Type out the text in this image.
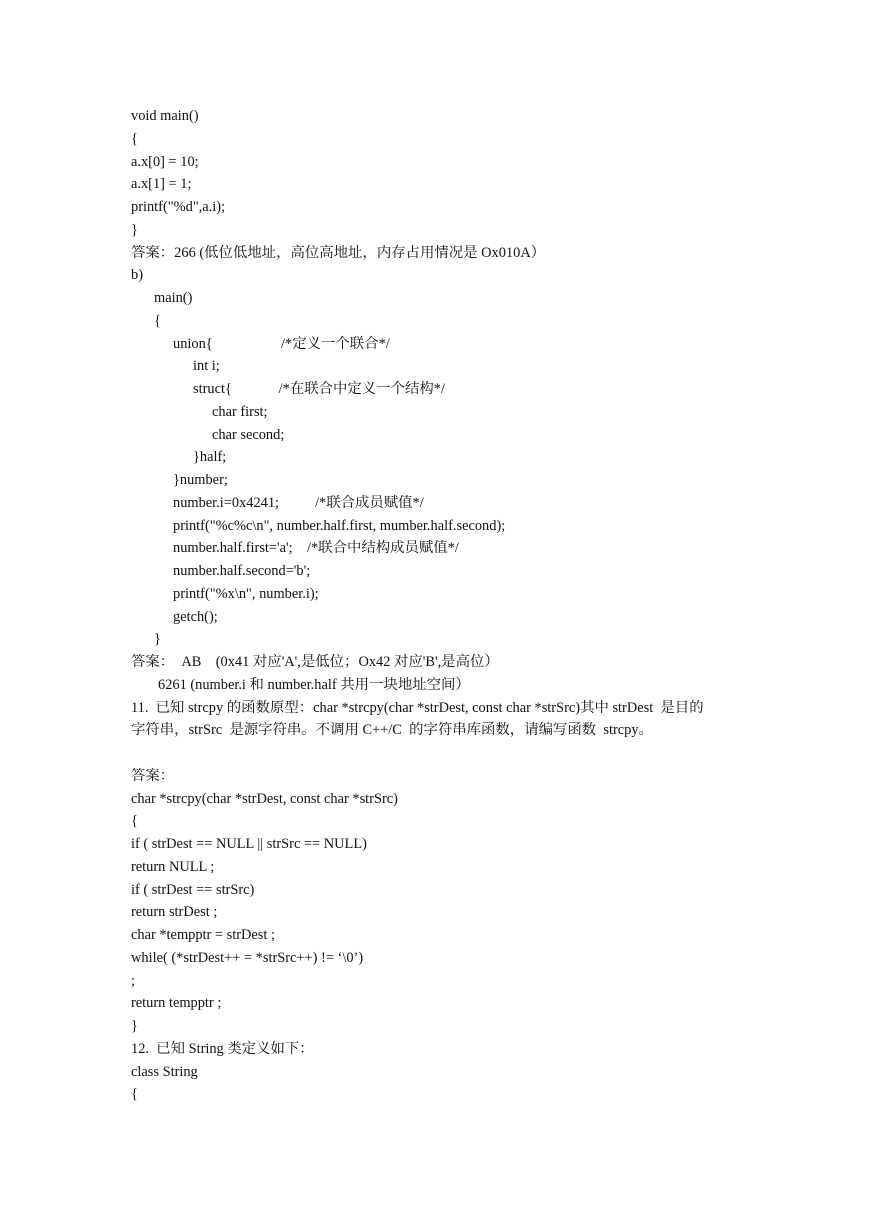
void main()
{
a.x[0] = 10;
a.x[1] = 1;
printf("%d",a.i);
}
答案：266 (低位低地址，高位高地址，内存占用情况是 Ox010A）
b)
main()
{
union{                   /*定义一个联合*/
int i;
struct{             /*在联合中定义一个结构*/
char first;
char second;
}half;
}number;
number.i=0x4241;          /*联合成员赋值*/
printf("%c%c\n", number.half.first, mumber.half.second);
number.half.first='a';    /*联合中结构成员赋值*/
number.half.second='b';
printf("%x\n", number.i);
getch();
}
答案：  AB    (0x41 对应'A',是低位；Ox42 对应'B',是高位）
6261 (number.i 和 number.half 共用一块地址空间）
11.  已知 strcpy 的函数原型：char *strcpy(char *strDest, const char *strSrc)其中 strDest  是目的
字符串，strSrc  是源字符串。不调用 C++/C  的字符串库函数，请编写函数  strcpy。
答案：
char *strcpy(char *strDest, const char *strSrc)
{
if ( strDest == NULL || strSrc == NULL)
return NULL ;
if ( strDest == strSrc)
return strDest ;
char *tempptr = strDest ;
while( (*strDest++ = *strSrc++) != ‘\0’)
;
return tempptr ;
}
12.  已知 String 类定义如下：
class String
{
